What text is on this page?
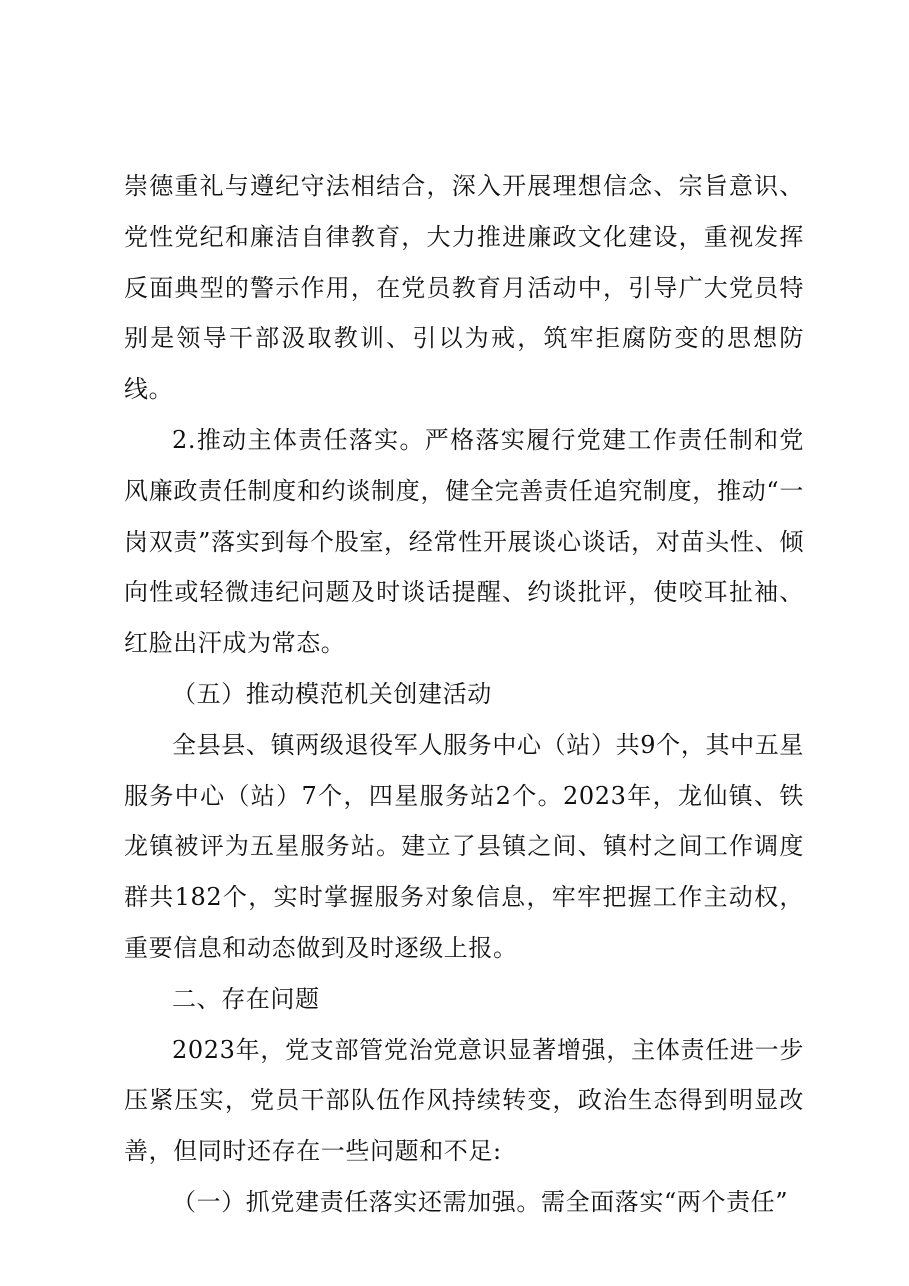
崇德重礼与遵纪守法相结合，深入开展理想信念、宗旨意识、党性党纪和廉洁自律教育，大力推进廉政文化建设，重视发挥反面典型的警示作用，在党员教育月活动中，引导广大党员特别是领导干部汲取教训、引以为戒，筑牢拒腐防变的思想防线。

2.推动主体责任落实。严格落实履行党建工作责任制和党风廉政责任制度和约谈制度，健全完善责任追究制度，推动“一岗双责”落实到每个股室，经常性开展谈心谈话，对苗头性、倾向性或轻微违纪问题及时谈话提醒、约谈批评，使咬耳扯袖、红脸出汗成为常态。

（五）推动模范机关创建活动

全县县、镇两级退役军人服务中心（站）共9个，其中五星服务中心（站）7个，四星服务站2个。2023年，龙仙镇、铁龙镇被评为五星服务站。建立了县镇之间、镇村之间工作调度群共182个，实时掌握服务对象信息，牢牢把握工作主动权，重要信息和动态做到及时逐级上报。

二、存在问题

2023年，党支部管党治党意识显著增强，主体责任进一步压紧压实，党员干部队伍作风持续转变，政治生态得到明显改善，但同时还存在一些问题和不足:

（一）抓党建责任落实还需加强。需全面落实“两个责任”
